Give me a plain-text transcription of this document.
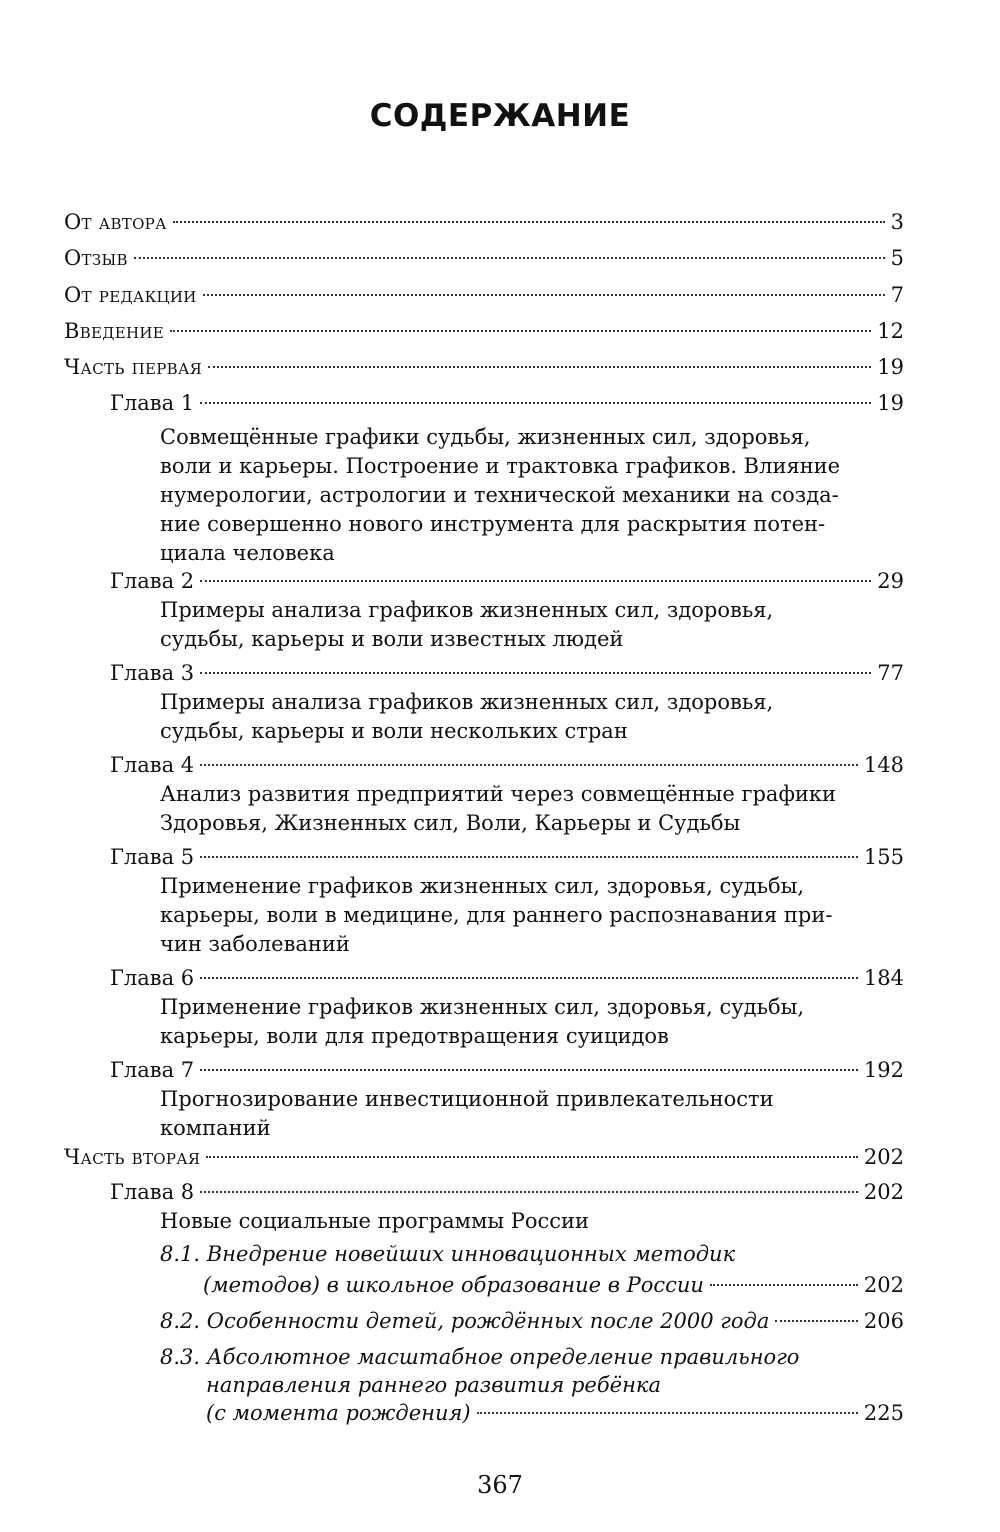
СОДЕРЖАНИЕ
От автора	3
Отзыв	5
От редакции	7
Введение	12
Часть первая	19
Глава 1	19
Совмещённые графики судьбы, жизненных сил, здоровья,
воли и карьеры. Построение и трактовка графиков. Влияние
нумерологии, астрологии и технической механики на созда-
ние совершенно нового инструмента для раскрытия потен-
циала человека
Глава 2	29
Примеры анализа графиков жизненных сил, здоровья,
судьбы, карьеры и воли известных людей
Глава 3	77
Примеры анализа графиков жизненных сил, здоровья,
судьбы, карьеры и воли нескольких стран
Глава 4	148
Анализ развития предприятий через совмещённые графики
Здоровья, Жизненных сил, Воли, Карьеры и Судьбы
Глава 5	155
Применение графиков жизненных сил, здоровья, судьбы,
карьеры, воли в медицине, для раннего распознавания при-
чин заболеваний
Глава 6	184
Применение графиков жизненных сил, здоровья, судьбы,
карьеры, воли для предотвращения суицидов
Глава 7	192
Прогнозирование инвестиционной привлекательности
компаний
Часть вторая	202
Глава 8	202
Новые социальные программы России
8.1. Внедрение новейших инновационных методик
(методов) в школьное образование в России	202
8.2. Особенности детей, рождённых после 2000 года	206
8.3. Абсолютное масштабное определение правильного
направления раннего развития ребёнка
(с момента рождения)	225
367
